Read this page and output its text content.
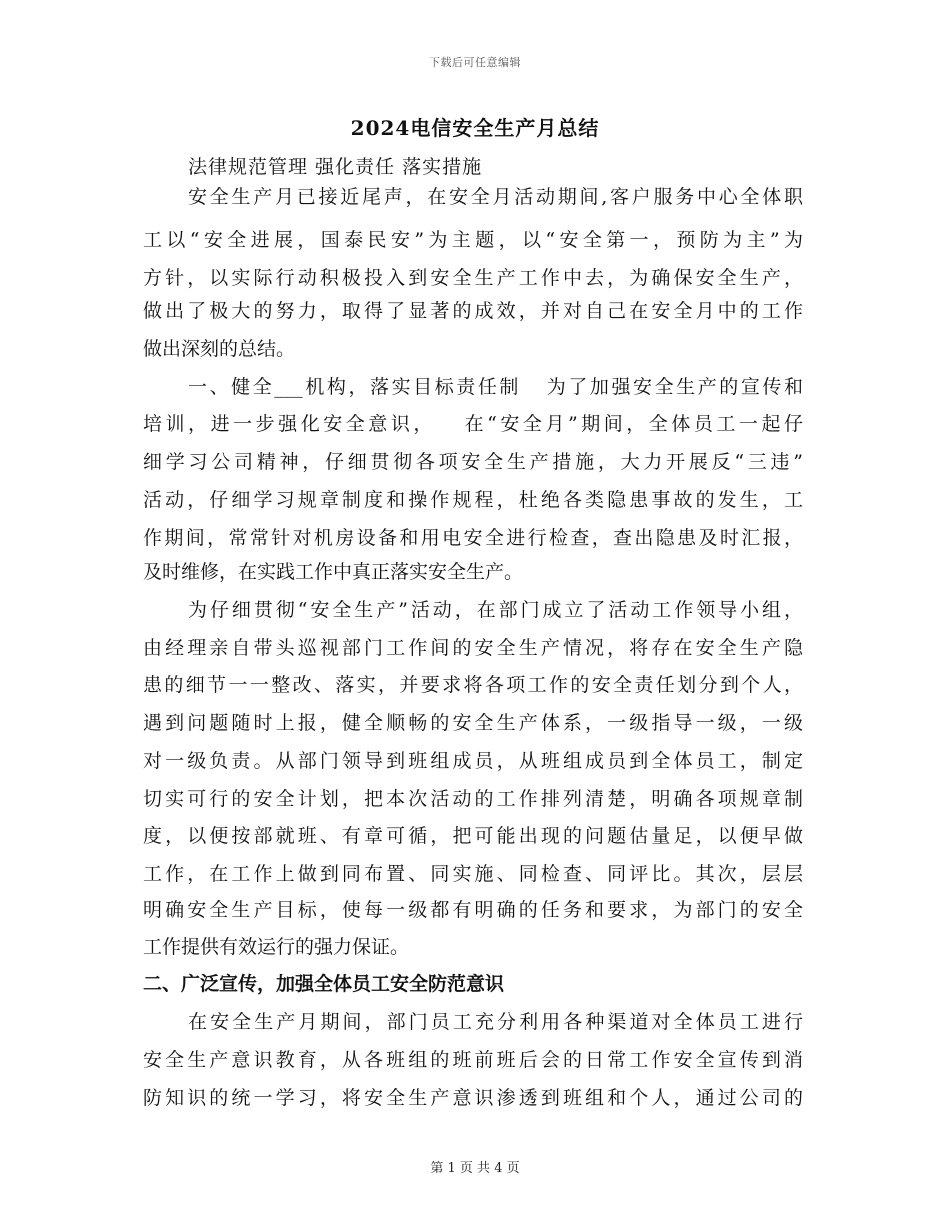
下载后可任意编辑
2024电信安全生产月总结
法律规范管理 强化责任 落实措施
安全生产月已接近尾声，在安全月活动期间,客户服务中心全体职
工以“安全进展，国泰民安”为主题，以“安全第一，预防为主”为
方针，以实际行动积极投入到安全生产工作中去，为确保安全生产，
做出了极大的努力，取得了显著的成效，并对自己在安全月中的工作
做出深刻的总结。
一、健全___机构，落实目标责任制   为了加强安全生产的宣传和
培训，进一步强化安全意识，   在“安全月”期间，全体员工一起仔
细学习公司精神，仔细贯彻各项安全生产措施，大力开展反“三违”
活动，仔细学习规章制度和操作规程，杜绝各类隐患事故的发生，工
作期间，常常针对机房设备和用电安全进行检查，查出隐患及时汇报，
及时维修，在实践工作中真正落实安全生产。
为仔细贯彻“安全生产”活动，在部门成立了活动工作领导小组，
由经理亲自带头巡视部门工作间的安全生产情况，将存在安全生产隐
患的细节一一整改、落实，并要求将各项工作的安全责任划分到个人，
遇到问题随时上报，健全顺畅的安全生产体系，一级指导一级，一级
对一级负责。从部门领导到班组成员，从班组成员到全体员工，制定
切实可行的安全计划，把本次活动的工作排列清楚，明确各项规章制
度，以便按部就班、有章可循，把可能出现的问题估量足，以便早做
工作，在工作上做到同布置、同实施、同检查、同评比。其次，层层
明确安全生产目标，使每一级都有明确的任务和要求，为部门的安全
工作提供有效运行的强力保证。
二、广泛宣传，加强全体员工安全防范意识
在安全生产月期间，部门员工充分利用各种渠道对全体员工进行
安全生产意识教育，从各班组的班前班后会的日常工作安全宣传到消
防知识的统一学习，将安全生产意识渗透到班组和个人，通过公司的
第 1 页 共 4 页
